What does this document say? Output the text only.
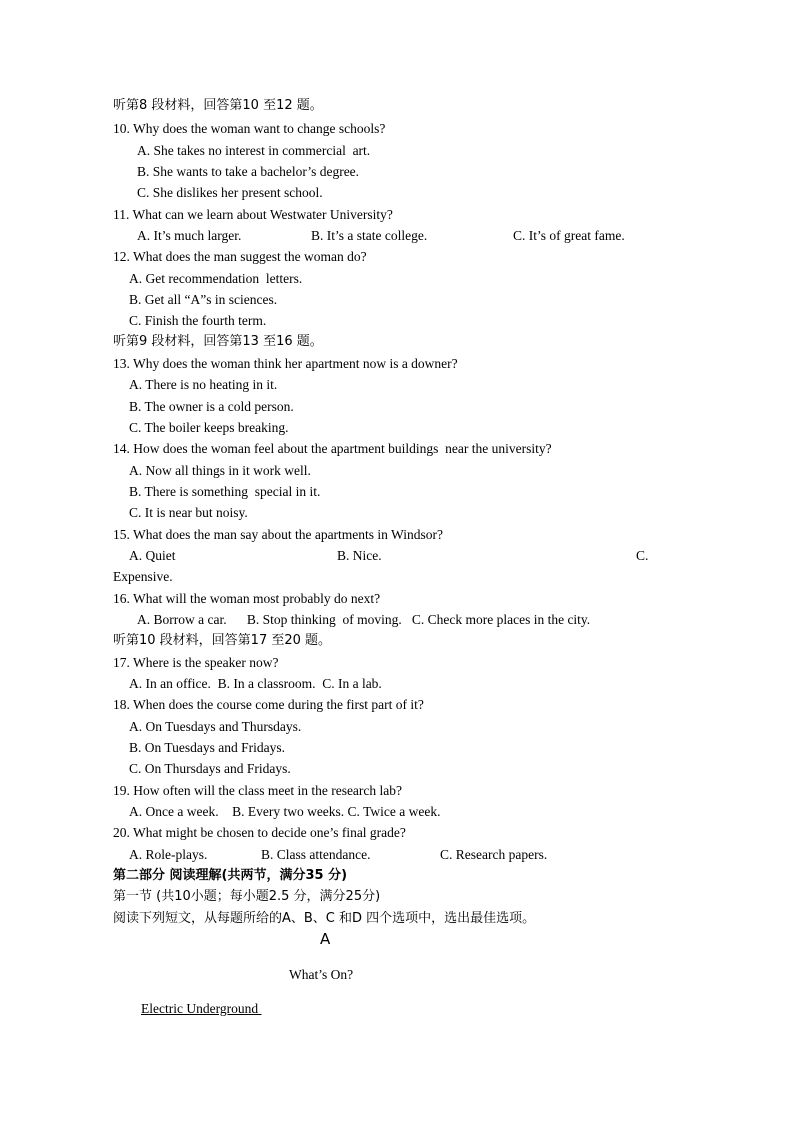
听第8 段材料，回答第10 至12 题。
10. Why does the woman want to change schools?
A. She takes no interest in commercial  art.
B. She wants to take a bachelor’s degree.
C. She dislikes her present school.
11. What can we learn about Westwater University?
A. It’s much larger.	B. It’s a state college.	C. It’s of great fame.
12. What does the man suggest the woman do?
A. Get recommendation  letters.
B. Get all “A”s in sciences.
C. Finish the fourth term.
听第9 段材料，回答第13 至16 题。
13. Why does the woman think her apartment now is a downer?
A. There is no heating in it.
B. The owner is a cold person.
C. The boiler keeps breaking.
14. How does the woman feel about the apartment buildings  near the university?
A. Now all things in it work well.
B. There is something  special in it.
C. It is near but noisy.
15. What does the man say about the apartments in Windsor?
A. Quiet	B. Nice.	C.
Expensive.
16. What will the woman most probably do next?
A. Borrow a car.      B. Stop thinking  of moving.   C. Check more places in the city.
听第10 段材料，回答第17 至20 题。
17. Where is the speaker now?
A. In an office.  B. In a classroom.  C. In a lab.
18. When does the course come during the first part of it?
A. On Tuesdays and Thursdays.
B. On Tuesdays and Fridays.
C. On Thursdays and Fridays.
19. How often will the class meet in the research lab?
A. Once a week.    B. Every two weeks. C. Twice a week.
20. What might be chosen to decide one’s final grade?
A. Role-plays.	B. Class attendance.	C. Research papers.
第二部分 阅读理解(共两节，满分35 分)
第一节 (共10小题；每小题2.5 分，满分25分)
阅读下列短文，从每题所给的A、B、C 和D 四个选项中，选出最佳选项。
A
What’s On?
Electric Underground
